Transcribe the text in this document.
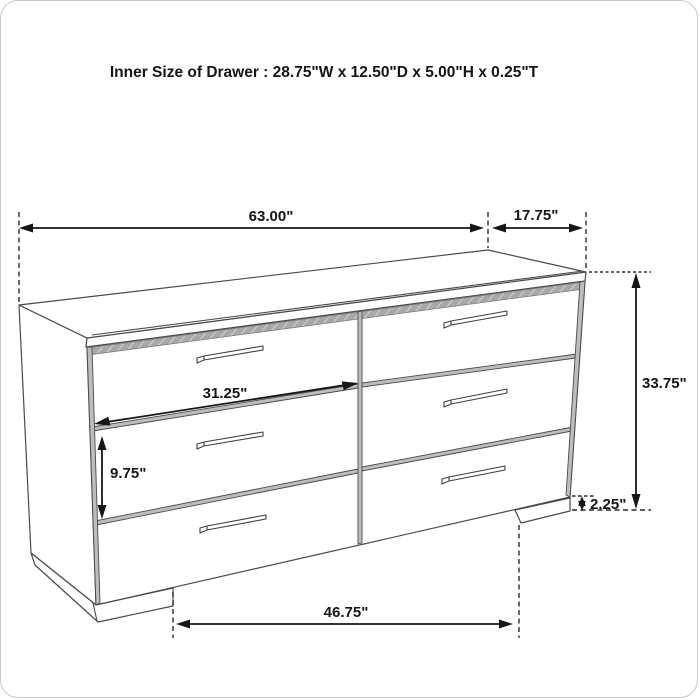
63.00"	17.75"
31.25"
9.75"
33.75"
2.25"
46.75"
Inner Size of Drawer : 28.75"W x 12.50"D x 5.00"H x 0.25"T
